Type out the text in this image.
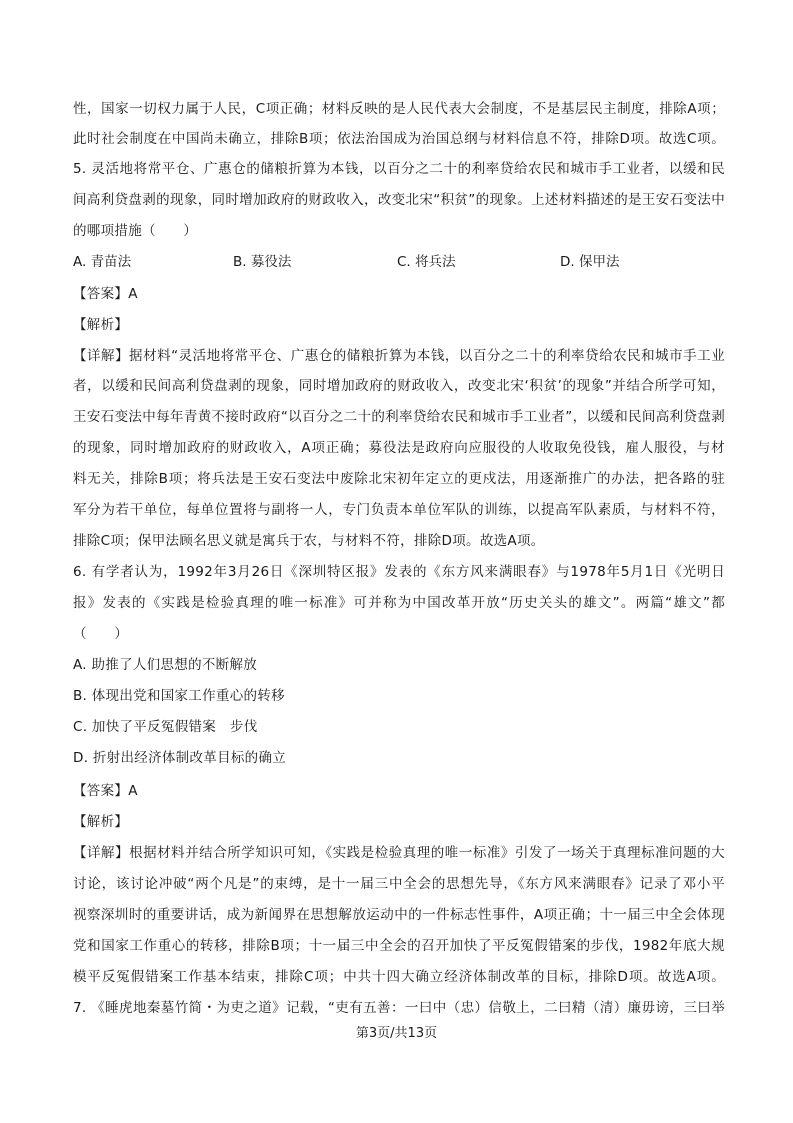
性，国家一切权力属于人民，C项正确；材料反映的是人民代表大会制度，不是基层民主制度，排除A项；
此时社会制度在中国尚未确立，排除B项；依法治国成为治国总纲与材料信息不符，排除D项。故选C项。
5. 灵活地将常平仓、广惠仓的储粮折算为本钱，以百分之二十的利率贷给农民和城市手工业者，以缓和民
间高利贷盘剥的现象，同时增加政府的财政收入，改变北宋“积贫”的现象。上述材料描述的是王安石变法中
的哪项措施（　　）
A. 青苗法	B. 募役法	C. 将兵法	D. 保甲法
【答案】A
【解析】
【详解】据材料“灵活地将常平仓、广惠仓的储粮折算为本钱，以百分之二十的利率贷给农民和城市手工业
者，以缓和民间高利贷盘剥的现象，同时增加政府的财政收入，改变北宋‘积贫’的现象”并结合所学可知，
王安石变法中每年青黄不接时政府“以百分之二十的利率贷给农民和城市手工业者”，以缓和民间高利贷盘剥
的现象，同时增加政府的财政收入，A项正确；募役法是政府向应服役的人收取免役钱，雇人服役，与材
料无关，排除B项；将兵法是王安石变法中废除北宋初年定立的更戍法，用逐渐推广的办法，把各路的驻
军分为若干单位，每单位置将与副将一人，专门负责本单位军队的训练，以提高军队素质，与材料不符，
排除C项；保甲法顾名思义就是寓兵于农，与材料不符，排除D项。故选A项。
6. 有学者认为，1992年3月26日《深圳特区报》发表的《东方风来满眼春》与1978年5月1日《光明日
报》发表的《实践是检验真理的唯一标准》可并称为中国改革开放“历史关头的雄文”。两篇“雄文”都
（　　）
A. 助推了人们思想的不断解放
B. 体现出党和国家工作重心的转移
C. 加快了平反冤假错案　步伐
D. 折射出经济体制改革目标的确立
【答案】A
【解析】
【详解】根据材料并结合所学知识可知，《实践是检验真理的唯一标准》引发了一场关于真理标准问题的大
讨论，该讨论冲破“两个凡是”的束缚，是十一届三中全会的思想先导，《东方风来满眼春》记录了邓小平
视察深圳时的重要讲话，成为新闻界在思想解放运动中的一件标志性事件，A项正确；十一届三中全会体现
党和国家工作重心的转移，排除B项；十一届三中全会的召开加快了平反冤假错案的步伐，1982年底大规
模平反冤假错案工作基本结束，排除C项；中共十四大确立经济体制改革的目标，排除D项。故选A项。
7. 《睡虎地秦墓竹简・为吏之道》记载，“吏有五善：一曰中（忠）信敬上，二曰精（清）廉毋谤，三曰举
第3页/共13页
